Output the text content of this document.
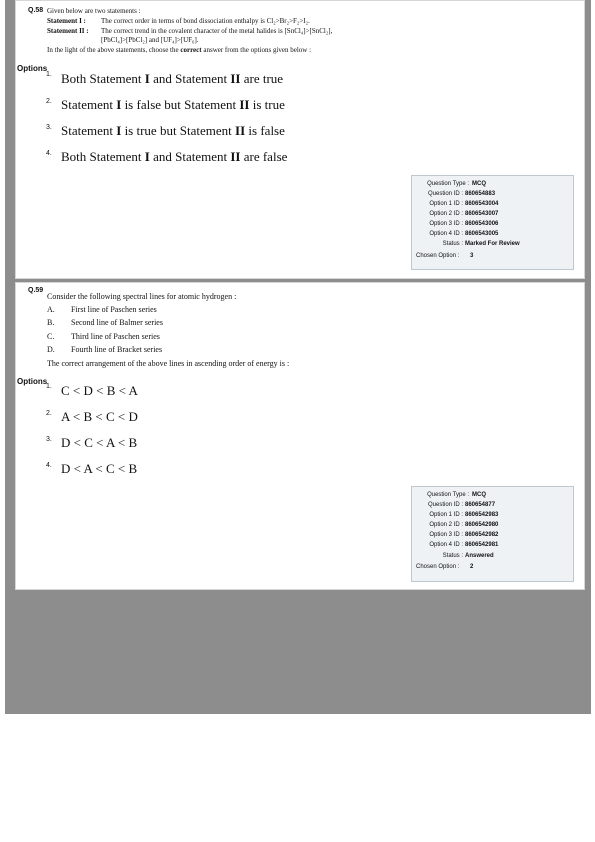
Q.58 Given below are two statements :
Statement I : The correct order in terms of bond dissociation enthalpy is Cl₂>Br₂>F₂>I₂.
Statement II : The correct trend in the covalent character of the metal halides is [SnCl₄]>[SnCl₂],
[PbCl₄]>[PbCl₂] and [UF₄]>[UF₆].
In the light of the above statements, choose the correct answer from the options given below :
Options
1. Both Statement I and Statement II are true
2. Statement I is false but Statement II is true
3. Statement I is true but Statement II is false
4. Both Statement I and Statement II are false
Question Type : MCQ
Question ID : 860654883
Option 1 ID : 8606543004
Option 2 ID : 8606543007
Option 3 ID : 8606543006
Option 4 ID : 8606543005
Status : Marked For Review
Chosen Option : 3
Q.59
Consider the following spectral lines for atomic hydrogen :
A. First line of Paschen series
B. Second line of Balmer series
C. Third line of Paschen series
D. Fourth line of Bracket series
The correct arrangement of the above lines in ascending order of energy is :
Options
1. C < D < B < A
2. A < B < C < D
3. D < C < A < B
4. D < A < C < B
Question Type : MCQ
Question ID : 860654877
Option 1 ID : 8606542983
Option 2 ID : 8606542980
Option 3 ID : 8606542982
Option 4 ID : 8606542981
Status : Answered
Chosen Option : 2
